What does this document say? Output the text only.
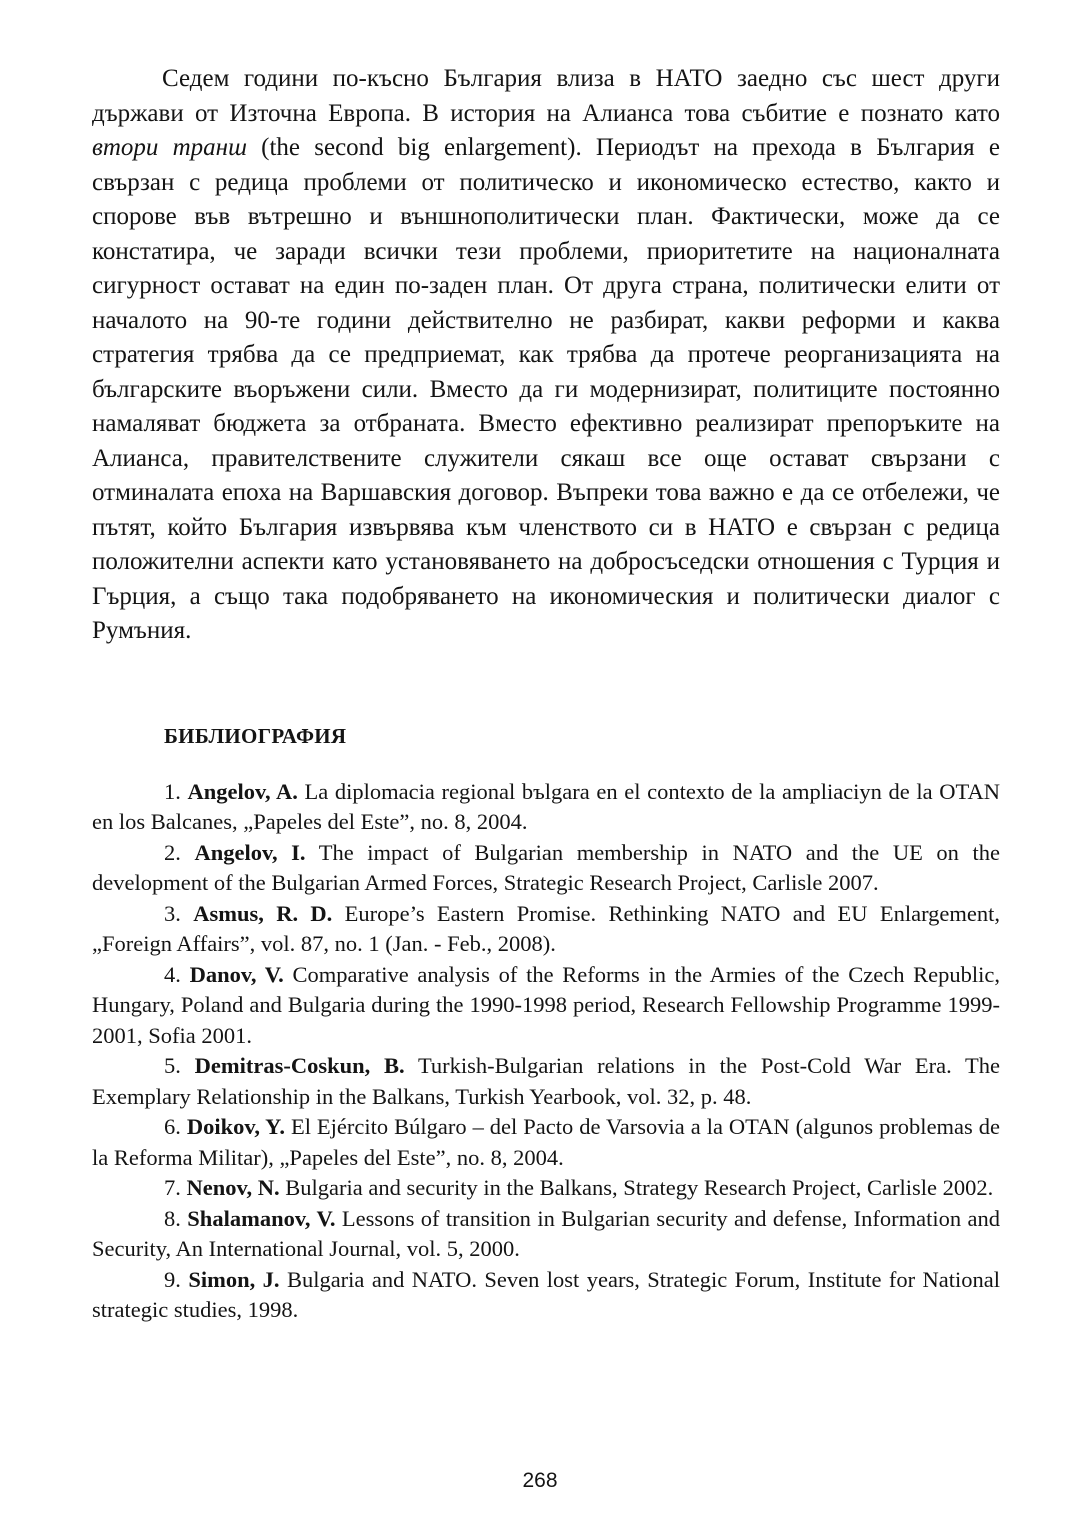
Седем години по-късно България влиза в НАТО заедно със шест други държави от Източна Европа. В история на Алианса това събитие е познато като втори транш (the second big enlargement). Периодът на прехода в България е свързан с редица проблеми от политическо и икономическо естество, както и спорове във вътрешно и външнополитически план. Фактически, може да се констатира, че заради всички тези проблеми, приоритетите на националната сигурност остават на един по-заден план. От друга страна, политически елити от началото на 90-те години действително не разбират, какви реформи и каква стратегия трябва да се предприемат, как трябва да протече реорганизацията на българските въоръжени сили. Вместо да ги модернизират, политиците постоянно намаляват бюджета за отбраната. Вместо ефективно реализират препоръките на Алианса, правителствените служители сякаш все още остават свързани с отминалата епоха на Варшавския договор. Въпреки това важно е да се отбележи, че пътят, който България извървява към членството си в НАТО е свързан с редица положителни аспекти като установяването на добросъседски отношения с Турция и Гърция, а също така подобряването на икономическия и политически диалог с Румъния.

БИБЛИОГРАФИЯ

1. Angelov, A. La diplomacia regional bъlgara en el contexto de la ampliaciуn de la OTAN en los Balcanes, „Papeles del Este”, no. 8, 2004.

2. Angelov, I. The impact of Bulgarian membership in NATO and the UE on the development of the Bulgarian Armed Forces, Strategic Research Project, Carlisle 2007.

3. Asmus, R. D. Europe’s Eastern Promise. Rethinking NATO and EU Enlargement, „Foreign Affairs”, vol. 87, no. 1 (Jan. - Feb., 2008).

4. Danov, V. Comparative analysis of the Reforms in the Armies of the Czech Republic, Hungary, Poland and Bulgaria during the 1990-1998 period, Research Fellowship Programme 1999-2001, Sofia 2001.

5. Demitras-Coskun, B. Turkish-Bulgarian relations in the Post-Cold War Era. The Exemplary Relationship in the Balkans, Turkish Yearbook, vol. 32, p. 48.

6. Doikov, Y. El Ejército Búlgaro – del Pacto de Varsovia a la OTAN (algunos problemas de la Reforma Militar), „Papeles del Este”, no. 8, 2004.

7. Nenov, N. Bulgaria and security in the Balkans, Strategy Research Project, Carlisle 2002.

8. Shalamanov, V. Lessons of transition in Bulgarian security and defense, Information and Security, An International Journal, vol. 5, 2000.

9. Simon, J. Bulgaria and NATO. Seven lost years, Strategic Forum, Institute for National strategic studies, 1998.

268
